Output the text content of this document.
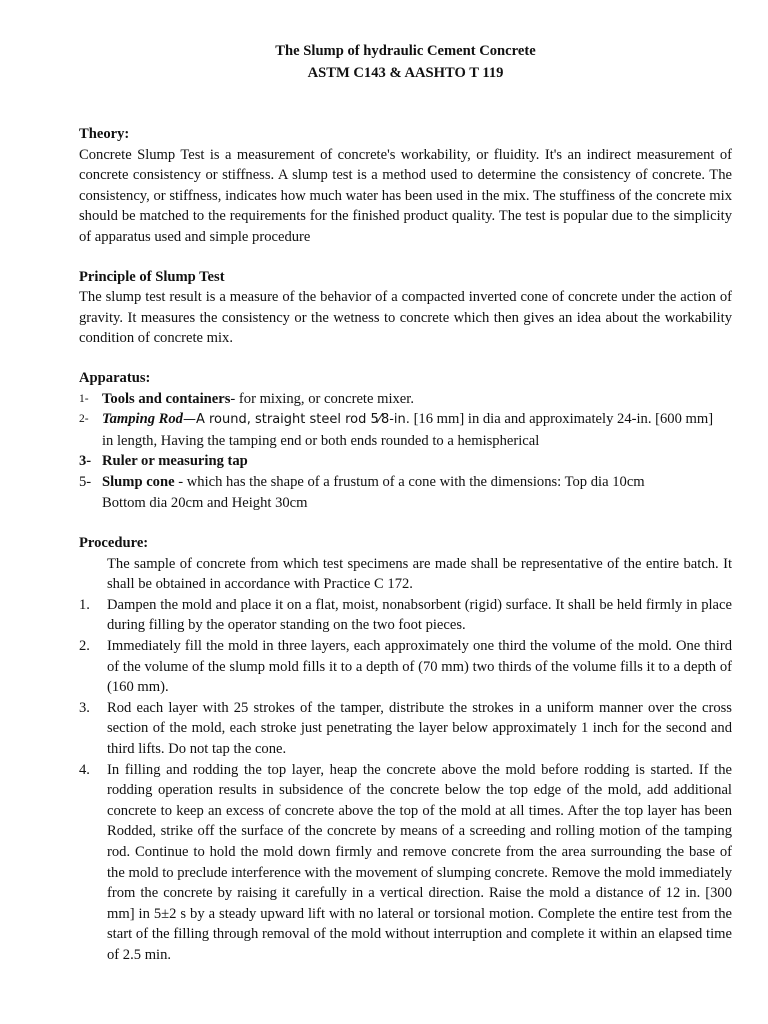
The Slump of hydraulic Cement Concrete
ASTM C143 & AASHTO T 119
Theory:

Concrete Slump Test is a measurement of concrete's workability, or fluidity. It's an indirect measurement of concrete consistency or stiffness. A slump test is a method used to determine the consistency of concrete. The consistency, or stiffness, indicates how much water has been used in the mix. The stuffiness of the concrete mix should be matched to the requirements for the finished product quality. The test is popular due to the simplicity of apparatus used and simple procedure

Principle of Slump Test

The slump test result is a measure of the behavior of a compacted inverted cone of concrete under the action of gravity. It measures the consistency or the wetness to concrete which then gives an idea about the workability condition of concrete mix.

Apparatus:
1- Tools and containers- for mixing, or concrete mixer.
2- Tamping Rod—A round, straight steel rod 5⁄8-in. [16 mm] in dia and approximately 24-in. [600 mm]
in length, Having the tamping end or both ends rounded to a hemispherical
3- Ruler or measuring tap
5- Slump cone - which has the shape of a frustum of a cone with the dimensions: Top dia 10cm
Bottom dia 20cm and Height 30cm
Procedure:
The sample of concrete from which test specimens are made shall be representative of the entire batch. It shall be obtained in accordance with Practice C 172.
1.	Dampen the mold and place it on a flat, moist, nonabsorbent (rigid) surface. It shall be held firmly in place during filling by the operator standing on the two foot pieces.
2.	Immediately fill the mold in three layers, each approximately one third the volume of the mold. One third of the volume of the slump mold fills it to a depth of (70 mm) two thirds of the volume fills it to a depth of (160 mm).
3.	Rod each layer with 25 strokes of the tamper, distribute the strokes in a uniform manner over the cross section of the mold, each stroke just penetrating the layer below approximately 1 inch for the second and third lifts. Do not tap the cone.
4.	In filling and rodding the top layer, heap the concrete above the mold before rodding is started. If the rodding operation results in subsidence of the concrete below the top edge of the mold, add additional concrete to keep an excess of concrete above the top of the mold at all times. After the top layer has been Rodded, strike off the surface of the concrete by means of a screeding and rolling motion of the tamping rod. Continue to hold the mold down firmly and remove concrete from the area surrounding the base of the mold to preclude interference with the movement of slumping concrete. Remove the mold immediately from the concrete by raising it carefully in a vertical direction. Raise the mold a distance of 12 in. [300 mm] in 5±2 s by a steady upward lift with no lateral or torsional motion. Complete the entire test from the start of the filling through removal of the mold without interruption and complete it within an elapsed time of 2.5 min.
